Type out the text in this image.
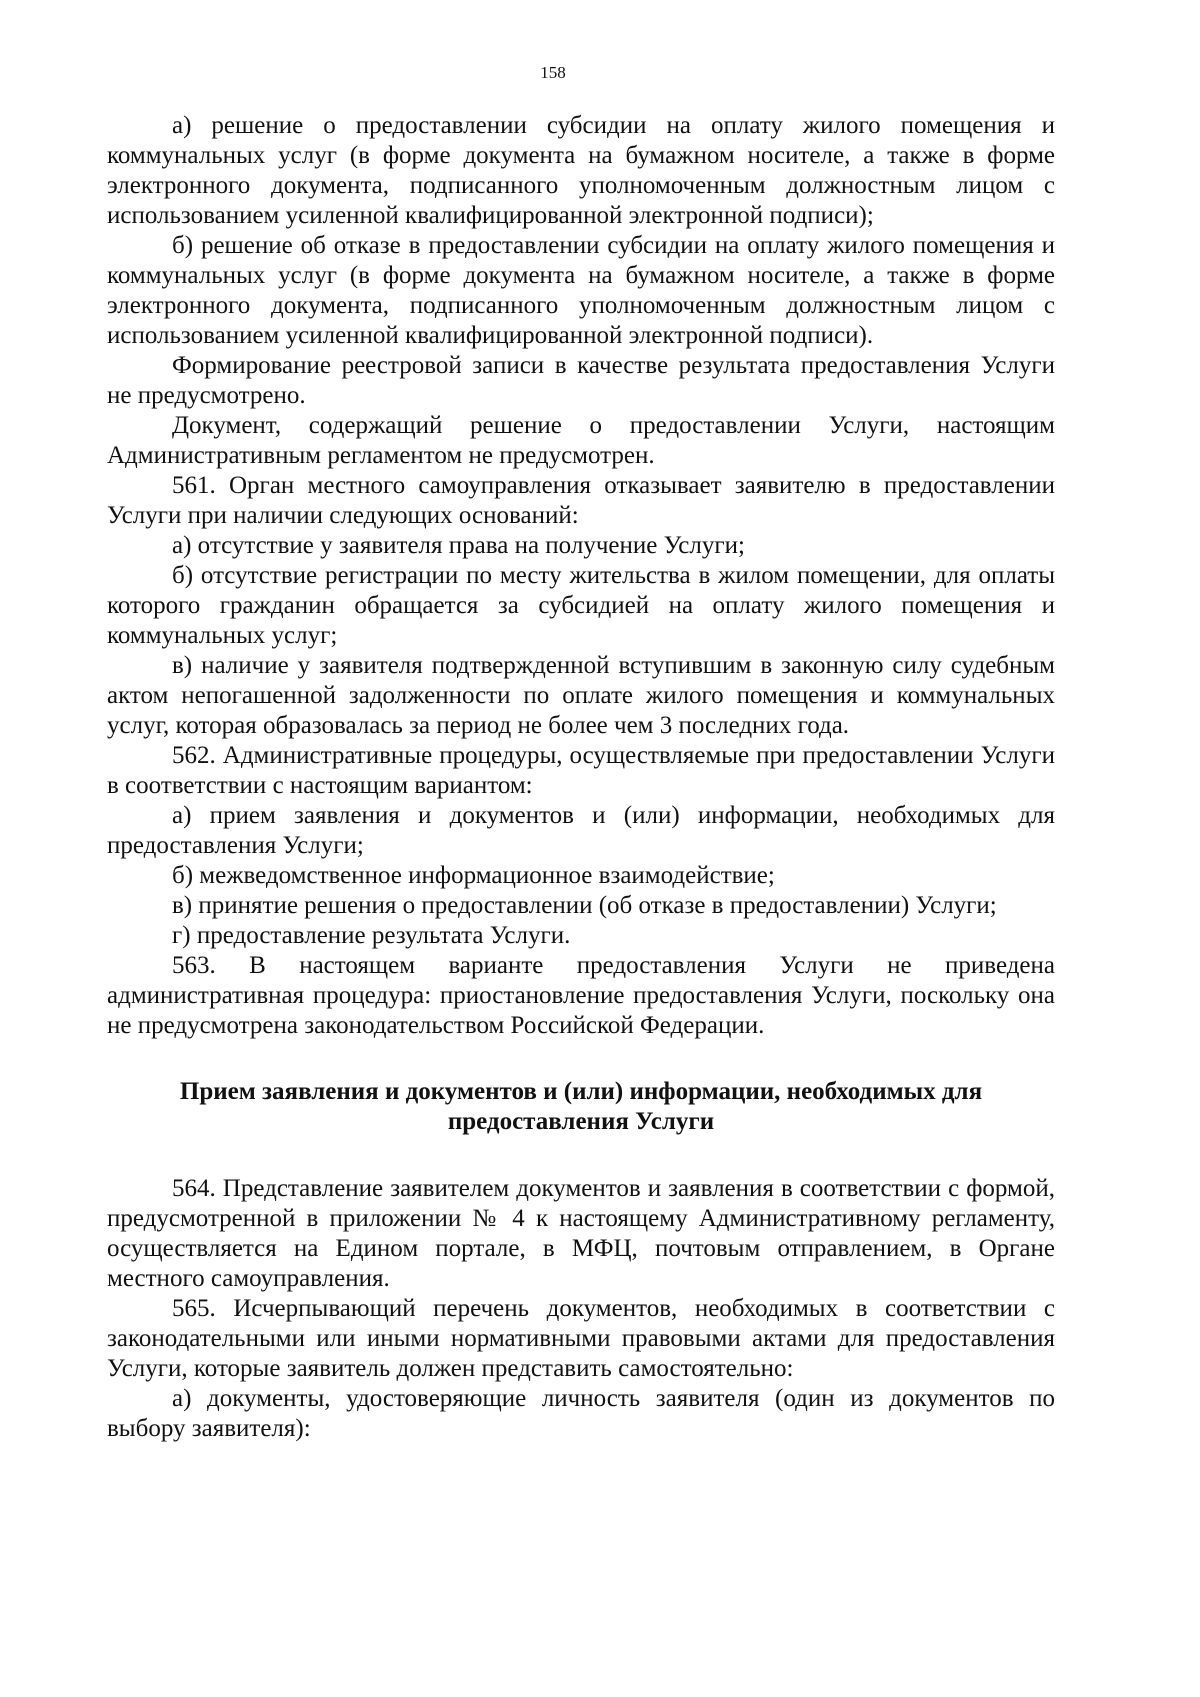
158

а) решение о предоставлении субсидии на оплату жилого помещения и коммунальных услуг (в форме документа на бумажном носителе, а также в форме электронного документа, подписанного уполномоченным должностным лицом с использованием усиленной квалифицированной электронной подписи);

б) решение об отказе в предоставлении субсидии на оплату жилого помещения и коммунальных услуг (в форме документа на бумажном носителе, а также в форме электронного документа, подписанного уполномоченным должностным лицом с использованием усиленной квалифицированной электронной подписи).

Формирование реестровой записи в качестве результата предоставления Услуги не предусмотрено.

Документ, содержащий решение о предоставлении Услуги, настоящим Административным регламентом не предусмотрен.

561. Орган местного самоуправления отказывает заявителю в предоставлении Услуги при наличии следующих оснований:

а) отсутствие у заявителя права на получение Услуги;

б) отсутствие регистрации по месту жительства в жилом помещении, для оплаты которого гражданин обращается за субсидией на оплату жилого помещения и коммунальных услуг;

в) наличие у заявителя подтвержденной вступившим в законную силу судебным актом непогашенной задолженности по оплате жилого помещения и коммунальных услуг, которая образовалась за период не более чем 3 последних года.

562. Административные процедуры, осуществляемые при предоставлении Услуги в соответствии с настоящим вариантом:

а) прием заявления и документов и (или) информации, необходимых для предоставления Услуги;

б) межведомственное информационное взаимодействие;

в) принятие решения о предоставлении (об отказе в предоставлении) Услуги;

г) предоставление результата Услуги.

563. В настоящем варианте предоставления Услуги не приведена административная процедура: приостановление предоставления Услуги, поскольку она не предусмотрена законодательством Российской Федерации.

Прием заявления и документов и (или) информации, необходимых для предоставления Услуги

564. Представление заявителем документов и заявления в соответствии с формой, предусмотренной в приложении № 4 к настоящему Административному регламенту, осуществляется на Едином портале, в МФЦ, почтовым отправлением, в Органе местного самоуправления.

565. Исчерпывающий перечень документов, необходимых в соответствии с законодательными или иными нормативными правовыми актами для предоставления Услуги, которые заявитель должен представить самостоятельно:

а) документы, удостоверяющие личность заявителя (один из документов по выбору заявителя):
